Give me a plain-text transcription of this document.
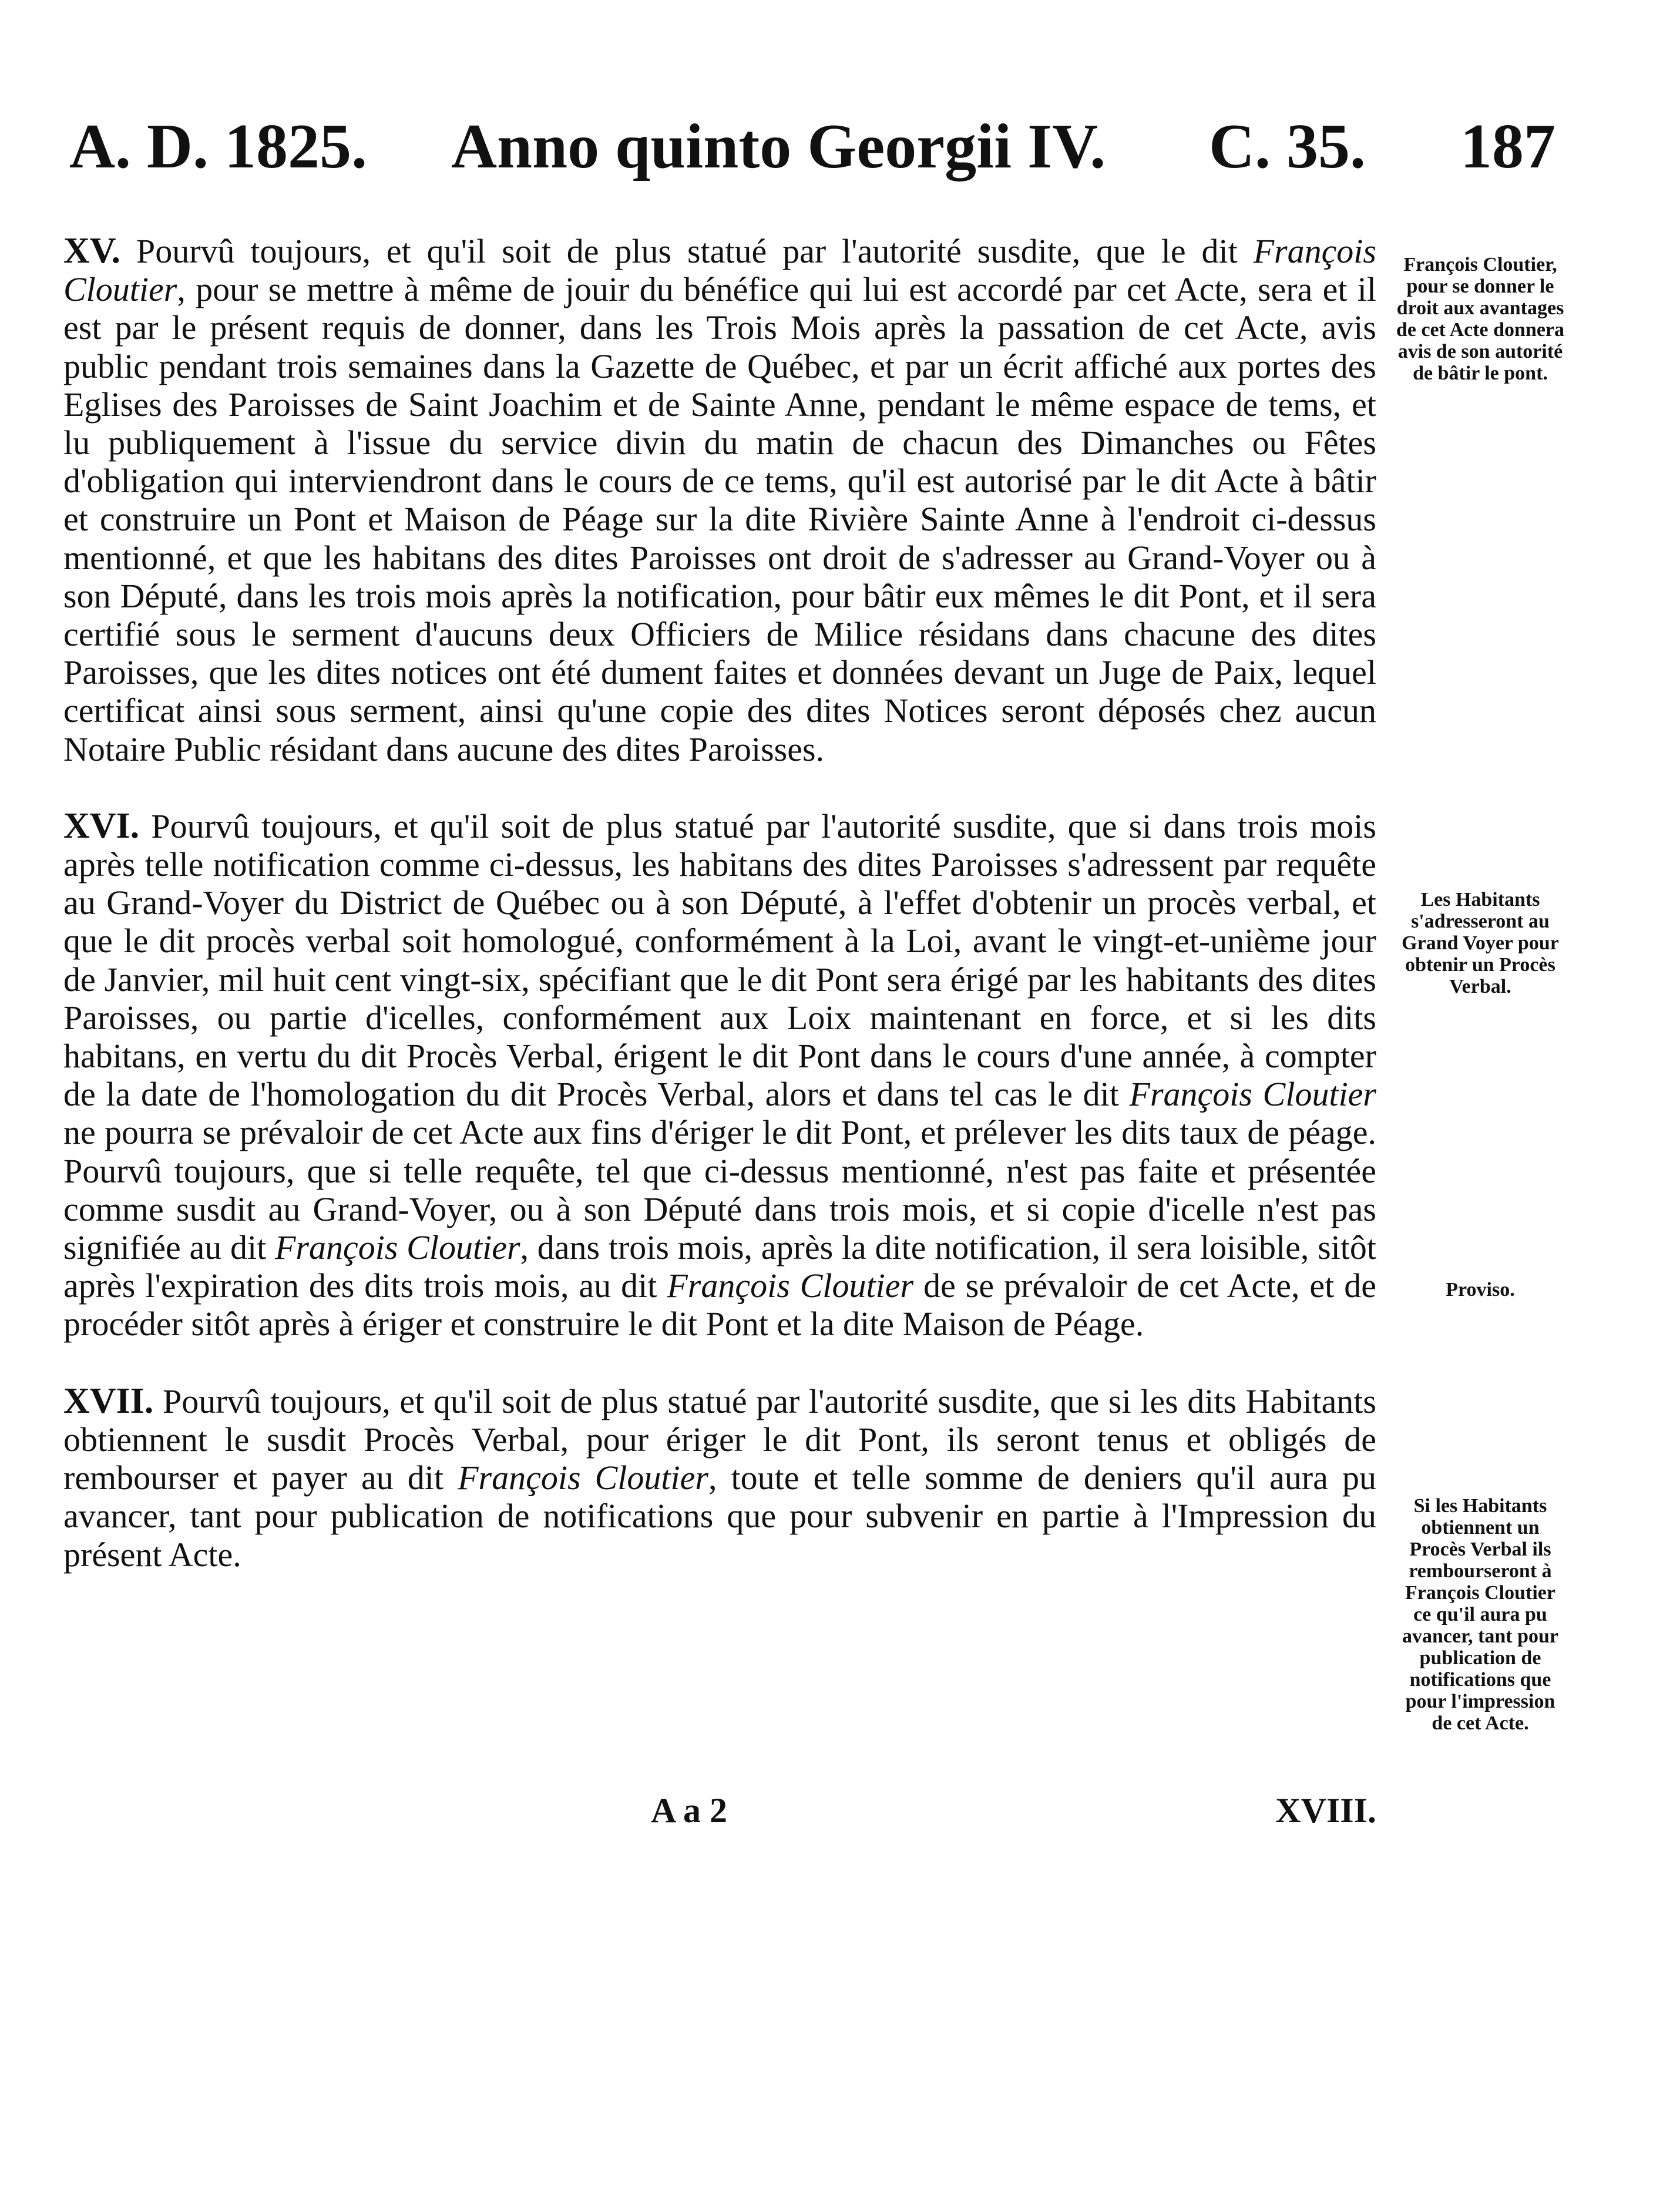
A. D. 1825. Anno quinto Georgii IV. C. 35. 187

XV. Pourvû toujours, et qu'il soit de plus statué par l'autorité susdite, que le dit François Cloutier, pour se mettre à même de jouir du bénéfice qui lui est accordé par cet Acte, sera et il est par le présent requis de donner, dans les Trois Mois après la passation de cet Acte, avis public pendant trois semaines dans la Gazette de Québec, et par un écrit affiché aux portes des Eglises des Paroisses de Saint Joachim et de Sainte Anne, pendant le même espace de tems, et lu publiquement à l'issue du service divin du matin de chacun des Dimanches ou Fêtes d'obligation qui interviendront dans le cours de ce tems, qu'il est autorisé par le dit Acte à bâtir et construire un Pont et Maison de Péage sur la dite Rivière Sainte Anne à l'endroit ci-dessus mentionné, et que les habitans des dites Paroisses ont droit de s'adresser au Grand-Voyer ou à son Député, dans les trois mois après la notification, pour bâtir eux mêmes le dit Pont, et il sera certifié sous le serment d'aucuns deux Officiers de Milice résidans dans chacune des dites Paroisses, que les dites notices ont été dument faites et données devant un Juge de Paix, lequel certificat ainsi sous serment, ainsi qu'une copie des dites Notices seront déposés chez aucun Notaire Public résidant dans aucune des dites Paroisses.

XVI. Pourvû toujours, et qu'il soit de plus statué par l'autorité susdite, que si dans trois mois après telle notification comme ci-dessus, les habitans des dites Paroisses s'adressent par requête au Grand-Voyer du District de Québec ou à son Député, à l'effet d'obtenir un procès verbal, et que le dit procès verbal soit homologué, conformément à la Loi, avant le vingt-et-unième jour de Janvier, mil huit cent vingt-six, spécifiant que le dit Pont sera érigé par les habitants des dites Paroisses, ou partie d'icelles, conformément aux Loix maintenant en force, et si les dits habitans, en vertu du dit Procès Verbal, érigent le dit Pont dans le cours d'une année, à compter de la date de l'homologation du dit Procès Verbal, alors et dans tel cas le dit François Cloutier ne pourra se prévaloir de cet Acte aux fins d'ériger le dit Pont, et prélever les dits taux de péage. Pourvû toujours, que si telle requête, tel que ci-dessus mentionné, n'est pas faite et présentée comme susdit au Grand-Voyer, ou à son Député dans trois mois, et si copie d'icelle n'est pas signifiée au dit François Cloutier, dans trois mois, après la dite notification, il sera loisible, sitôt après l'expiration des dits trois mois, au dit François Cloutier de se prévaloir de cet Acte, et de procéder sitôt après à ériger et construire le dit Pont et la dite Maison de Péage.

XVII. Pourvû toujours, et qu'il soit de plus statué par l'autorité susdite, que si les dits Habitants obtiennent le susdit Procès Verbal, pour ériger le dit Pont, ils seront tenus et obligés de rembourser et payer au dit François Cloutier, toute et telle somme de deniers qu'il aura pu avancer, tant pour publication de notifications que pour subvenir en partie à l'Impression du présent Acte.

François Cloutier, pour se donner le droit aux avantages de cet Acte donnera avis de son autorité de bâtir le pont.
Les Habitants s'adresseront au Grand Voyer pour obtenir un Procès Verbal.
Proviso.
Si les Habitants obtiennent un Procès Verbal ils rembourseront à François Cloutier ce qu'il aura pu avancer, tant pour publication de notifications que pour l'impression de cet Acte.
A a 2	XVIII.
